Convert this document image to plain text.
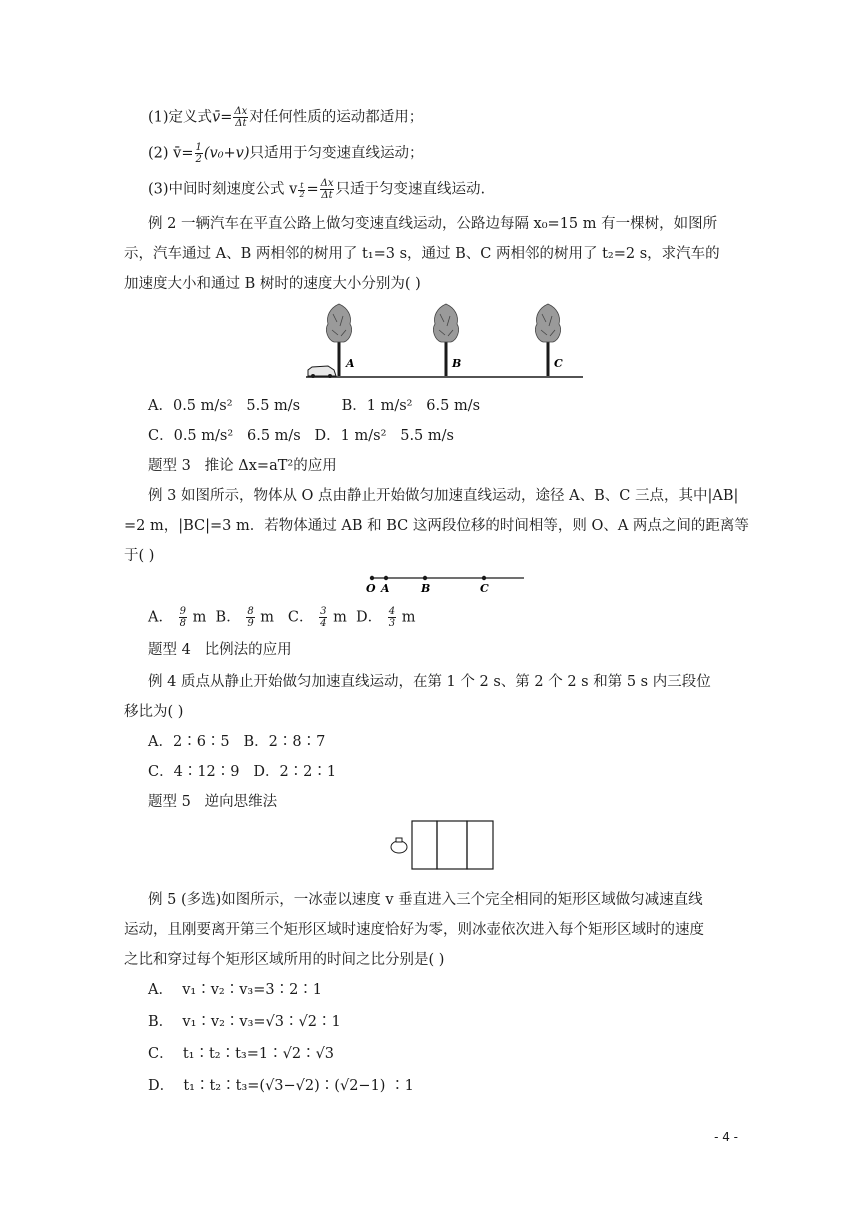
(1)定义式v̄= $\frac{\Delta x}{\Delta t}$ 对任何性质的运动都适用；
(2) v̄= $\frac{1}{2} (v_0+v)$只适用于匀变速直线运动；
(3)中间时刻速度公式 v $\frac{t}{2} = \frac{\Delta x}{\Delta t}$ 只适于匀变速直线运动.
例 2 一辆汽车在平直公路上做匀变速直线运动，公路边每隔 x₀=15 m 有一棵树，如图所
示，汽车通过 A、B 两相邻的树用了 t₁=3 s，通过 B、C 两相邻的树用了 t₂=2 s，求汽车的
加速度大小和通过 B 树时的速度大小分别为( )
A	B	C
A．0.5 m/s²   5.5 m/s         B．1 m/s²   6.5 m/s
C．0.5 m/s²   6.5 m/s   D．1 m/s²   5.5 m/s
题型 3   推论 Δx=aT²的应用
例 3 如图所示，物体从 O 点由静止开始做匀加速直线运动，途径 A、B、C 三点，其中|AB|
=2 m，|BC|=3 m．若物体通过 AB 和 BC 这两段位移的时间相等，则 O、A 两点之间的距离等
于( )
O A	B	C
A． $\frac{9}{8}$ m B． $\frac{8}{9}$ m C． $\frac{3}{4}$ m D． $\frac{4}{3}$ m
题型 4   比例法的应用
例 4 质点从静止开始做匀加速直线运动，在第 1 个 2 s、第 2 个 2 s 和第 5 s 内三段位
移比为( )
A．2∶6∶5   B．2∶8∶7
C．4∶12∶9   D．2∶2∶1
题型 5   逆向思维法
例 5 (多选)如图所示，一冰壶以速度 v 垂直进入三个完全相同的矩形区域做匀减速直线
运动，且刚要离开第三个矩形区域时速度恰好为零，则冰壶依次进入每个矩形区域时的速度
之比和穿过每个矩形区域所用的时间之比分别是( )
A．  v₁∶v₂∶v₃=3∶2∶1
B．  v₁∶v₂∶v₃=√3∶√2∶1
C．  t₁∶t₂∶t₃=1∶√2∶√3
D．  t₁∶t₂∶t₃=(√3−√2)∶(√2−1) ∶1
- 4 -
